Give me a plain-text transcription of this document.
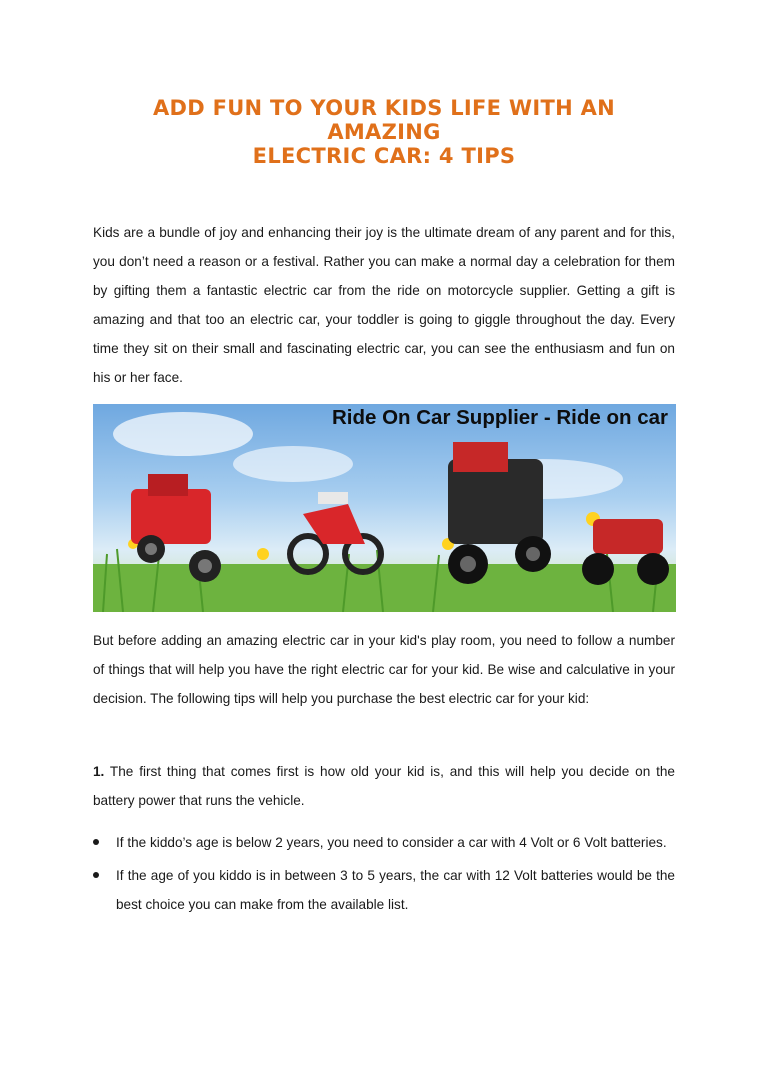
ADD FUN TO YOUR KIDS LIFE WITH AN AMAZING
ELECTRIC CAR: 4 TIPS

Kids are a bundle of joy and enhancing their joy is the ultimate dream of any parent and for this, you don’t need a reason or a festival. Rather you can make a normal day a celebration for them by gifting them a fantastic electric car from the ride on motorcycle supplier. Getting a gift is amazing and that too an electric car, your toddler is going to giggle throughout the day. Every time they sit on their small and fascinating electric car, you can see the enthusiasm and fun on his or her face.

Ride On Car Supplier - Ride on car

But before adding an amazing electric car in your kid's play room, you need to follow a number of things that will help you have the right electric car for your kid. Be wise and calculative in your decision. The following tips will help you purchase the best electric car for your kid:

1. The first thing that comes first is how old your kid is, and this will help you decide on the battery power that runs the vehicle.

If the kiddo’s age is below 2 years, you need to consider a car with 4 Volt or 6 Volt batteries.
If the age of you kiddo is in between 3 to 5 years, the car with 12 Volt batteries would be the best choice you can make from the available list.
